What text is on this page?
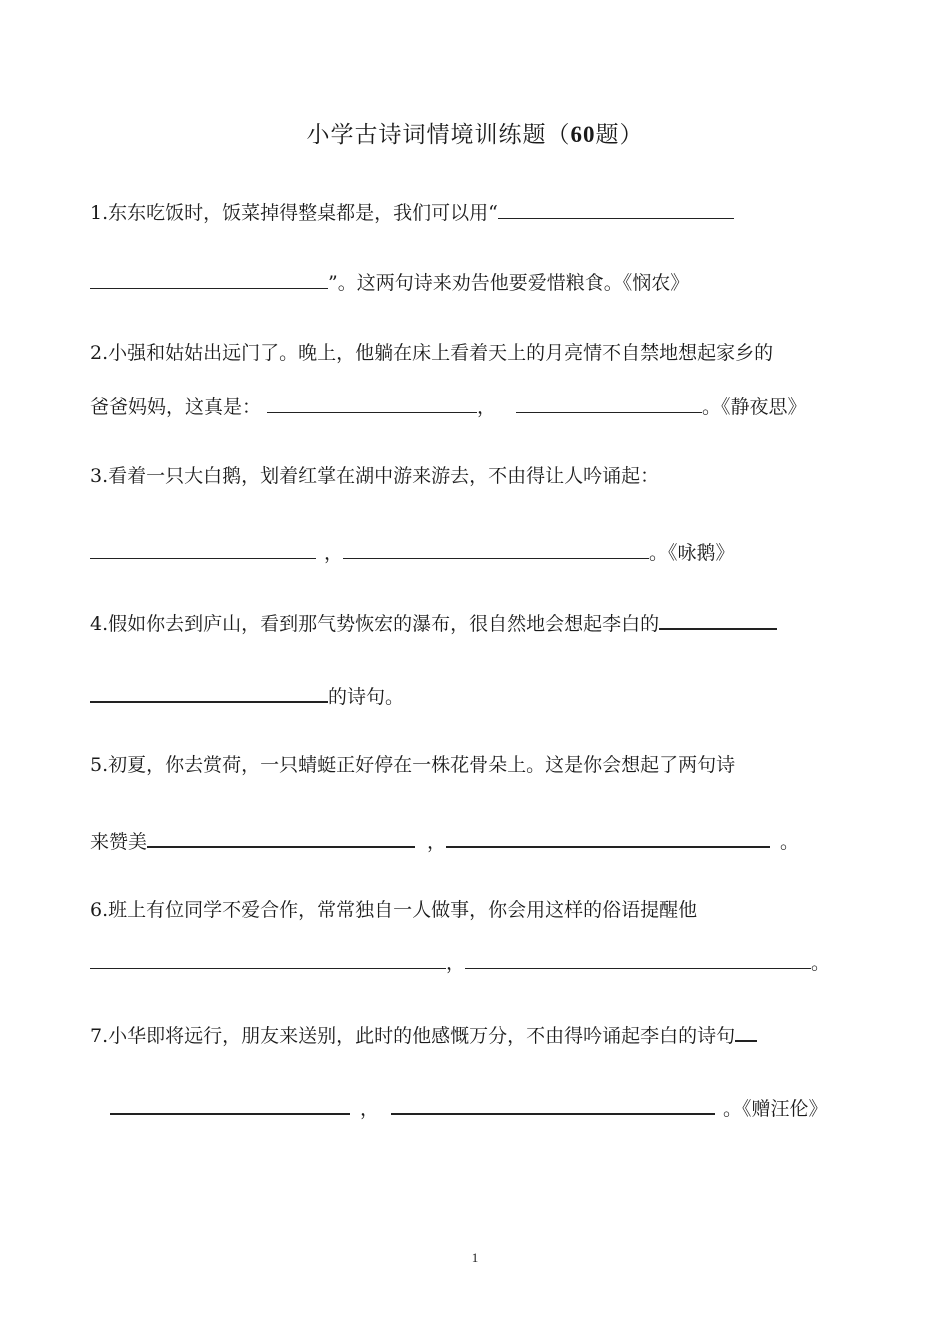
小学古诗词情境训练题（60题）
1.东东吃饭时，饭菜掉得整桌都是，我们可以用“
”。这两句诗来劝告他要爱惜粮食。《悯农》
2.小强和姑姑出远门了。晚上，他躺在床上看着天上的月亮情不自禁地想起家乡的
爸爸妈妈，这真是：	，	。《静夜思》
3.看着一只大白鹅，划着红掌在湖中游来游去，不由得让人吟诵起：
，	。《咏鹅》
4.假如你去到庐山，看到那气势恢宏的瀑布，很自然地会想起李白的
的诗句。
5.初夏，你去赏荷，一只蜻蜓正好停在一株花骨朵上。这是你会想起了两句诗
来赞美	，	。
6.班上有位同学不爱合作，常常独自一人做事，你会用这样的俗语提醒他
，	。
7.小华即将远行，朋友来送别，此时的他感慨万分，不由得吟诵起李白的诗句
，	。《赠汪伦》
1
